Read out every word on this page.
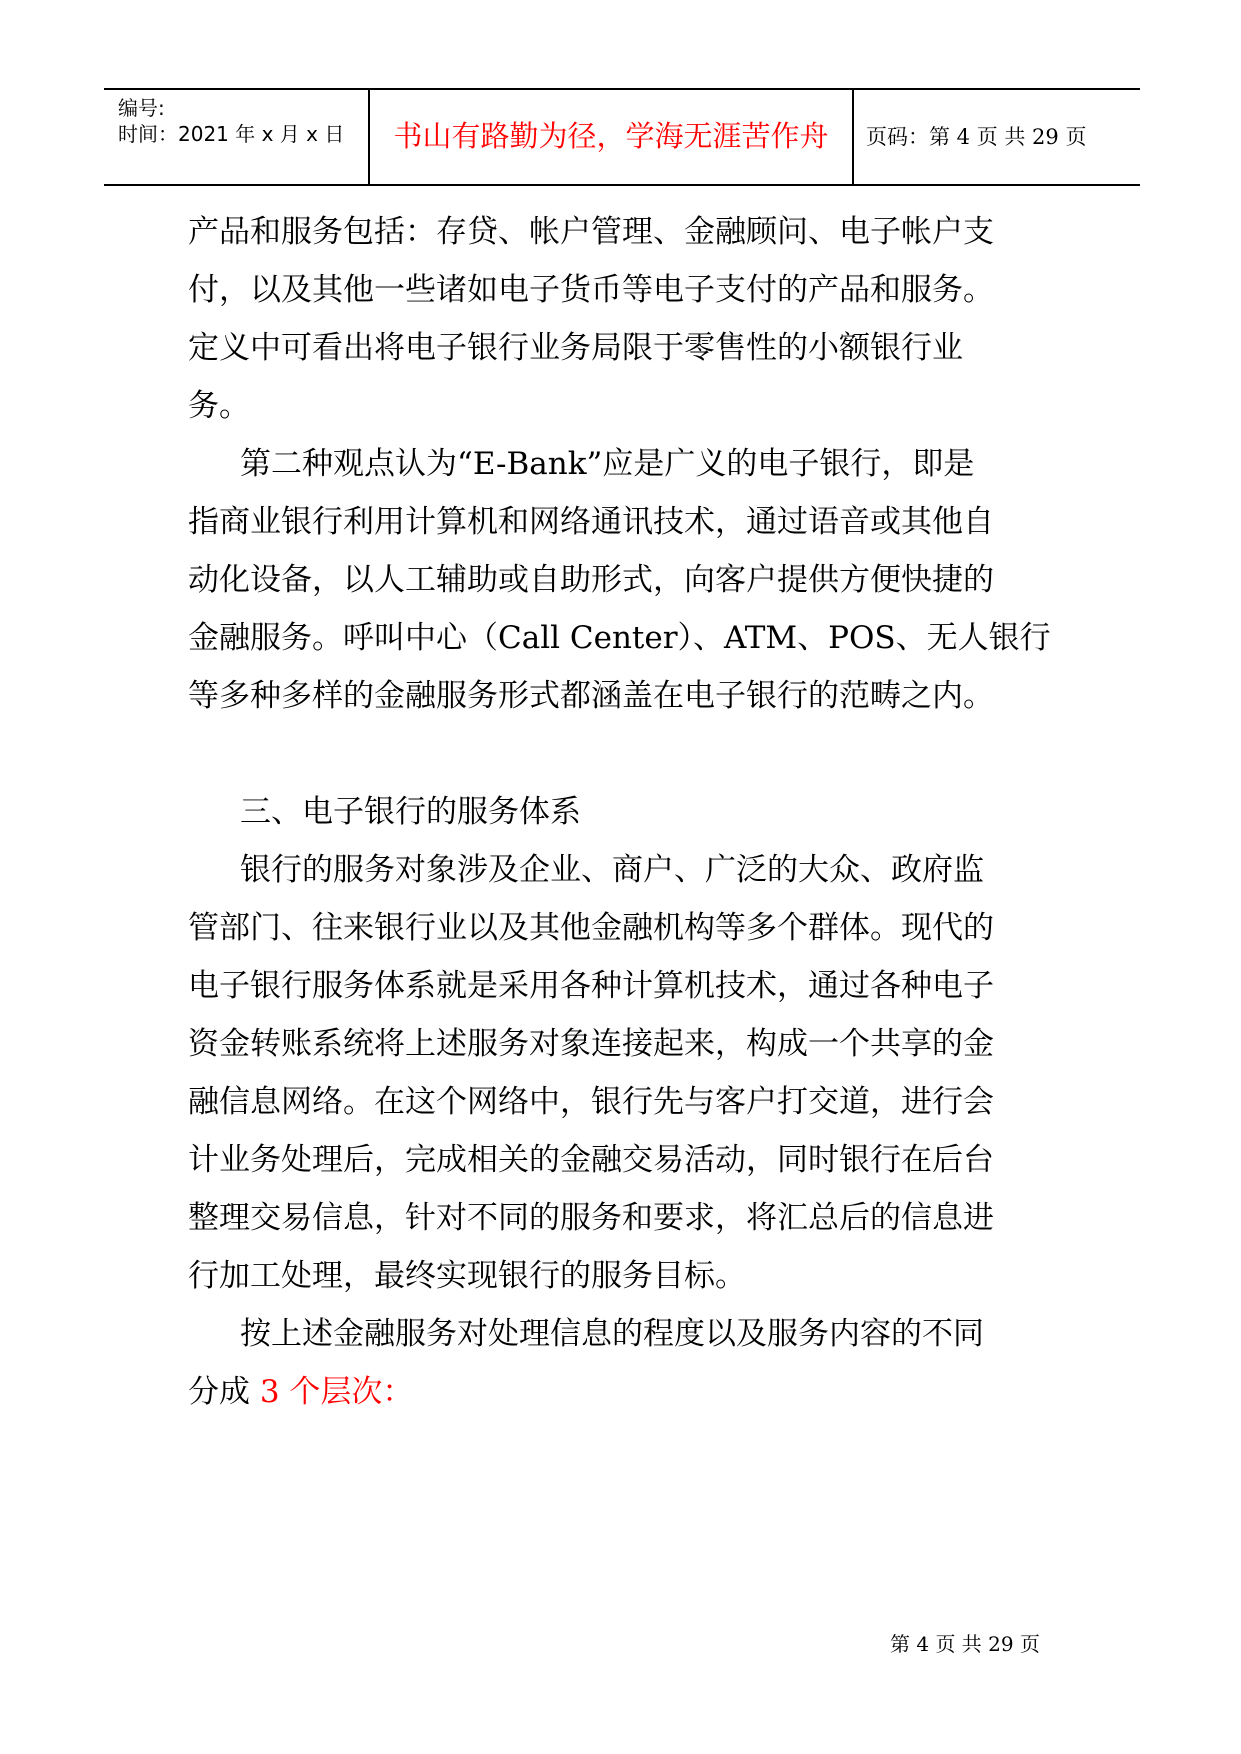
编号:
时间：2021 年 x 月 x 日	书山有路勤为径，学海无涯苦作舟	页码：第 4 页 共 29 页
产品和服务包括：存贷、帐户管理、金融顾问、电子帐户支
付，以及其他一些诸如电子货币等电子支付的产品和服务。
定义中可看出将电子银行业务局限于零售性的小额银行业
务。
第二种观点认为“E-Bank”应是广义的电子银行，即是
指商业银行利用计算机和网络通讯技术，通过语音或其他自
动化设备，以人工辅助或自助形式，向客户提供方便快捷的
金融服务。呼叫中心（Call Center）、ATM、POS、无人银行
等多种多样的金融服务形式都涵盖在电子银行的范畴之内。
三、电子银行的服务体系
银行的服务对象涉及企业、商户、广泛的大众、政府监
管部门、往来银行业以及其他金融机构等多个群体。现代的
电子银行服务体系就是采用各种计算机技术，通过各种电子
资金转账系统将上述服务对象连接起来，构成一个共享的金
融信息网络。在这个网络中，银行先与客户打交道，进行会
计业务处理后，完成相关的金融交易活动，同时银行在后台
整理交易信息，针对不同的服务和要求，将汇总后的信息进
行加工处理，最终实现银行的服务目标。
按上述金融服务对处理信息的程度以及服务内容的不同
分成 3 个层次：
第 4 页 共 29 页
